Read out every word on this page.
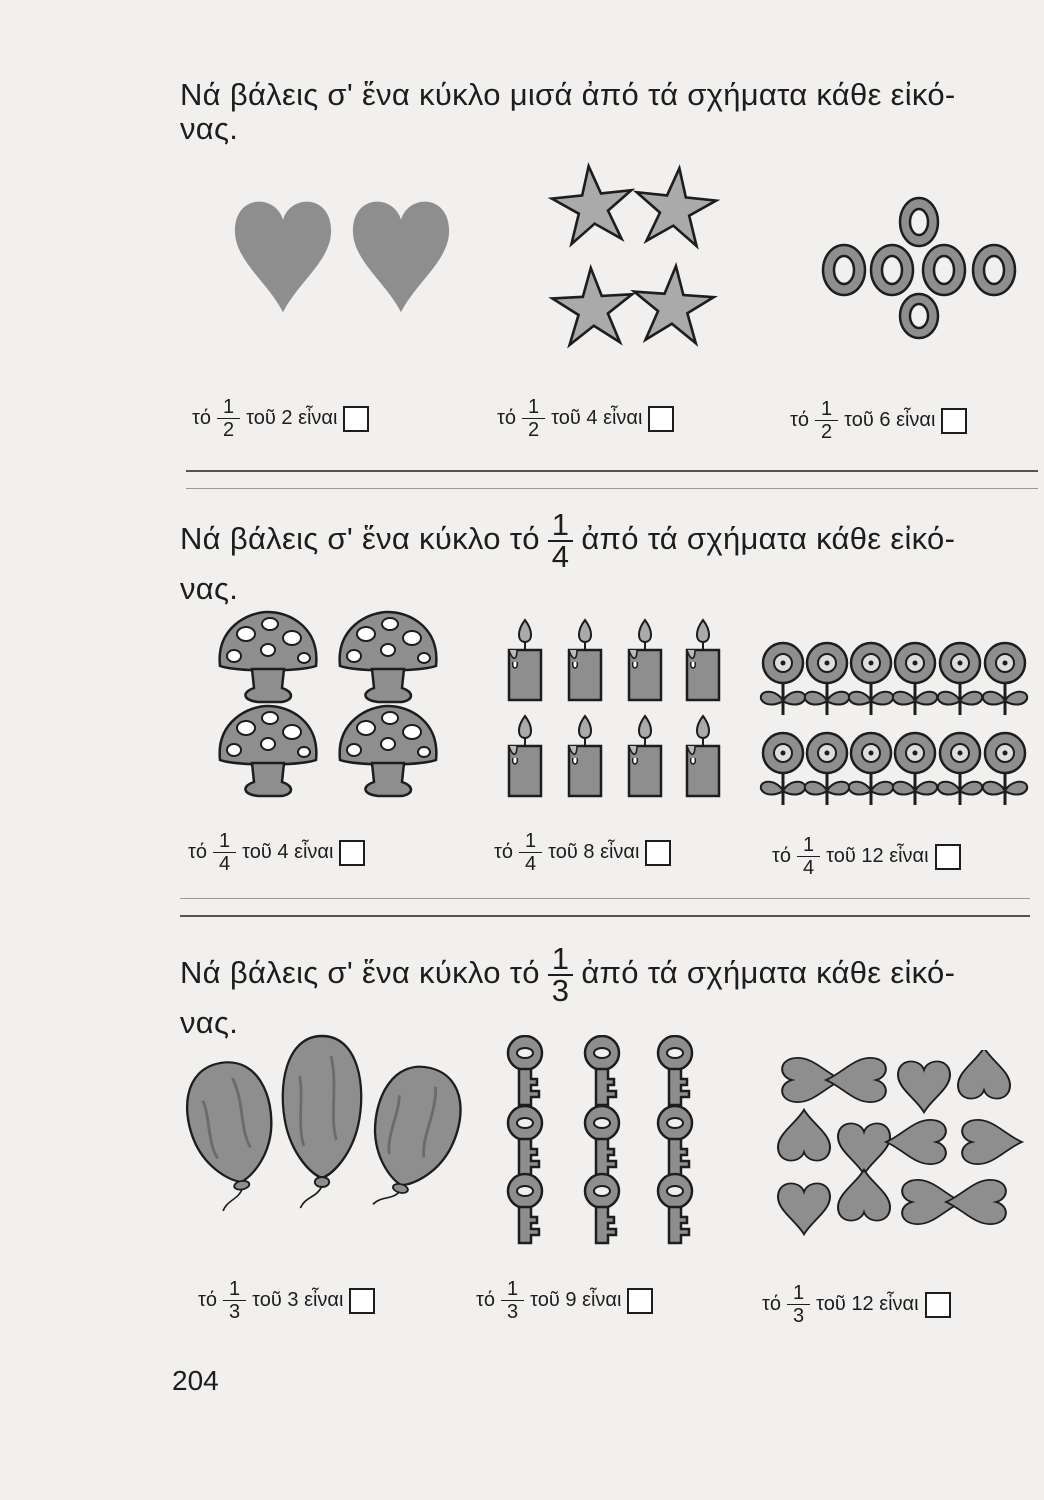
Νά βάλεις σ' ἕνα κύκλο μισά ἀπό τά σχήματα κάθε εἰκό-
νας.
τό $\frac{1}{2}$ τοῦ 2 εἶναι	τό $\frac{1}{2}$ τοῦ 4 εἶναι	τό $\frac{1}{2}$ τοῦ 6 εἶναι
Νά βάλεις σ' ἕνα κύκλο τό $\frac{1}{4}$ ἀπό τά σχήματα κάθε εἰκό-
νας.
τό $\frac{1}{4}$ τοῦ 4 εἶναι	τό $\frac{1}{4}$ τοῦ 8 εἶναι	τό $\frac{1}{4}$ τοῦ 12 εἶναι
Νά βάλεις σ' ἕνα κύκλο τό $\frac{1}{3}$ ἀπό τά σχήματα κάθε εἰκό-
νας.
τό $\frac{1}{3}$ τοῦ 3 εἶναι	τό $\frac{1}{3}$ τοῦ 9 εἶναι	τό $\frac{1}{3}$ τοῦ 12 εἶναι
204
